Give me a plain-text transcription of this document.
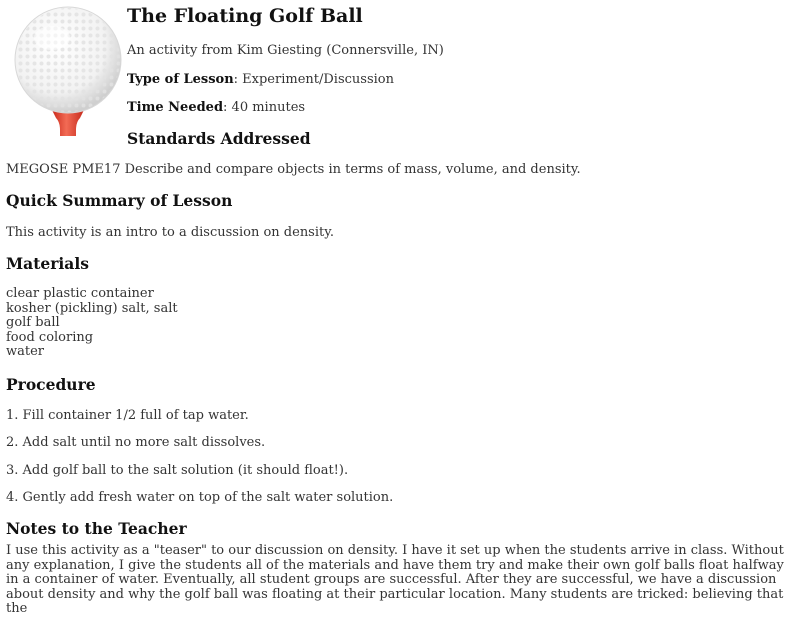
The Floating Golf Ball
An activity from Kim Giesting (Connersville, IN)
Type of Lesson: Experiment/Discussion
Time Needed: 40 minutes
Standards Addressed

MEGOSE PME17 Describe and compare objects in terms of mass, volume, and density.

Quick Summary of Lesson

This activity is an intro to a discussion on density.

Materials
clear plastic container
kosher (pickling) salt, salt
golf ball
food coloring
water
Procedure

1. Fill container 1/2 full of tap water.

2. Add salt until no more salt dissolves.

3. Add golf ball to the salt solution (it should float!).

4. Gently add fresh water on top of the salt water solution.

Notes to the Teacher

I use this activity as a "teaser" to our discussion on density. I have it set up when the students arrive in class. Without any explanation, I give the students all of the materials and have them try and make their own golf balls float halfway in a container of water. Eventually, all student groups are successful. After they are successful, we have a discussion about density and why the golf ball was floating at their particular location. Many students are tricked: believing that the
